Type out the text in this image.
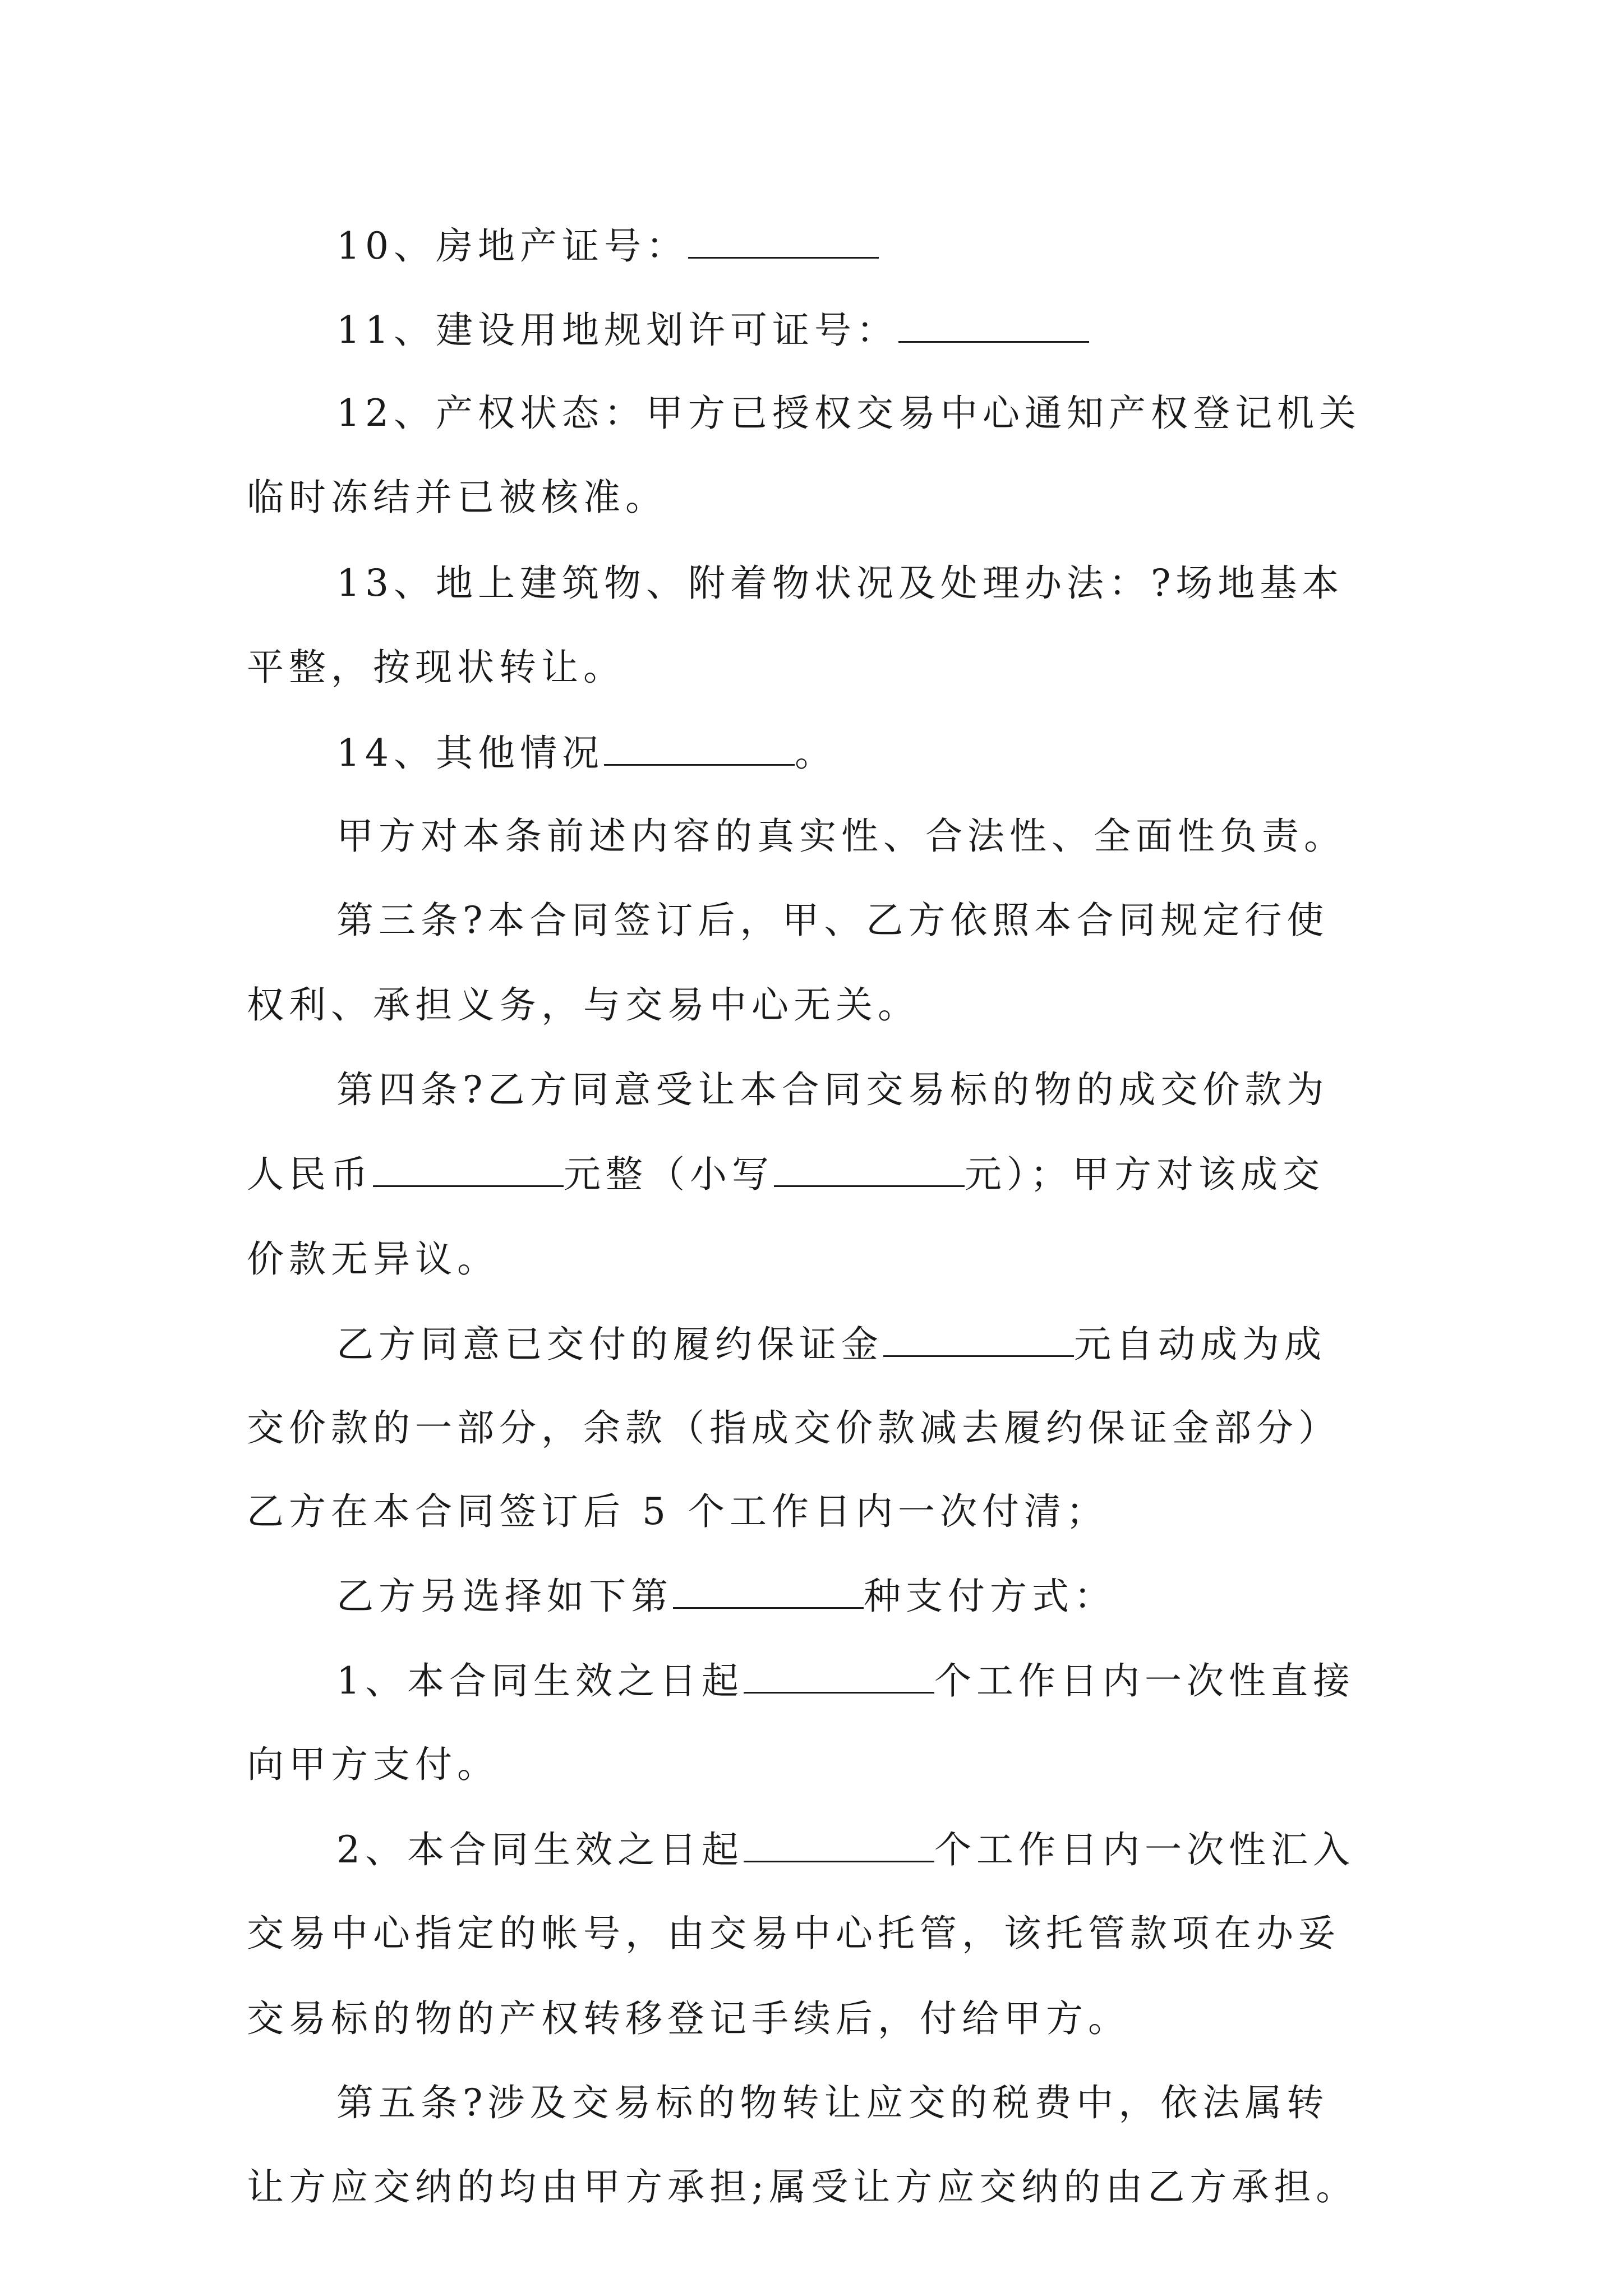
10、房地产证号：
11、建设用地规划许可证号：
12、产权状态：甲方已授权交易中心通知产权登记机关
临时冻结并已被核准。
13、地上建筑物、附着物状况及处理办法：?场地基本
平整，按现状转让。
14、其他情况	。
甲方对本条前述内容的真实性、合法性、全面性负责。
第三条?本合同签订后，甲、乙方依照本合同规定行使
权利、承担义务，与交易中心无关。
第四条?乙方同意受让本合同交易标的物的成交价款为
人民币	元整（小写	元）；甲方对该成交
价款无异议。
乙方同意已交付的履约保证金	元自动成为成
交价款的一部分，余款（指成交价款减去履约保证金部分）
乙方在本合同签订后 5 个工作日内一次付清；
乙方另选择如下第	种支付方式：
1、本合同生效之日起	个工作日内一次性直接
向甲方支付。
2、本合同生效之日起	个工作日内一次性汇入
交易中心指定的帐号，由交易中心托管，该托管款项在办妥
交易标的物的产权转移登记手续后，付给甲方。
第五条?涉及交易标的物转让应交的税费中，依法属转
让方应交纳的均由甲方承担;属受让方应交纳的由乙方承担。
